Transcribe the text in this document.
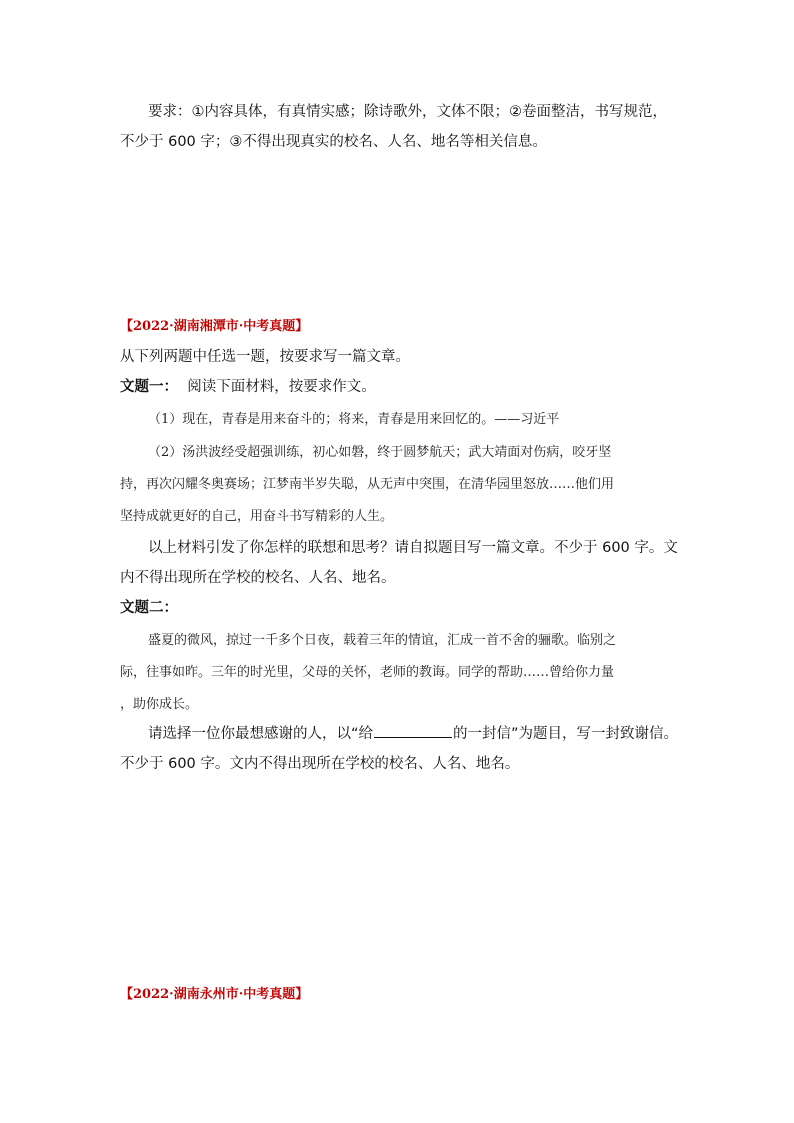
要求：①内容具体，有真情实感；除诗歌外，文体不限；②卷面整洁，书写规范，
不少于 600 字；③不得出现真实的校名、人名、地名等相关信息。
【2022·湖南湘潭市·中考真题】
从下列两题中任选一题，按要求写一篇文章。
文题一：  阅读下面材料，按要求作文。
（1）现在，青春是用来奋斗的；将来，青春是用来回忆的。——习近平
（2）汤洪波经受超强训练，初心如磐，终于圆梦航天；武大靖面对伤病，咬牙坚
持，再次闪耀冬奥赛场；江梦南半岁失聪，从无声中突围，在清华园里怒放……他们用
坚持成就更好的自己，用奋斗书写精彩的人生。
以上材料引发了你怎样的联想和思考？请自拟题目写一篇文章。不少于 600 字。文
内不得出现所在学校的校名、人名、地名。
文题二：
盛夏的微风，掠过一千多个日夜，载着三年的情谊，汇成一首不舍的骊歌。临别之
际，往事如昨。三年的时光里，父母的关怀，老师的教诲。同学的帮助……曾给你力量
，助你成长。
请选择一位你最想感谢的人，以“给	的一封信”为题目，写一封致谢信。
不少于 600 字。文内不得出现所在学校的校名、人名、地名。
【2022·湖南永州市·中考真题】
